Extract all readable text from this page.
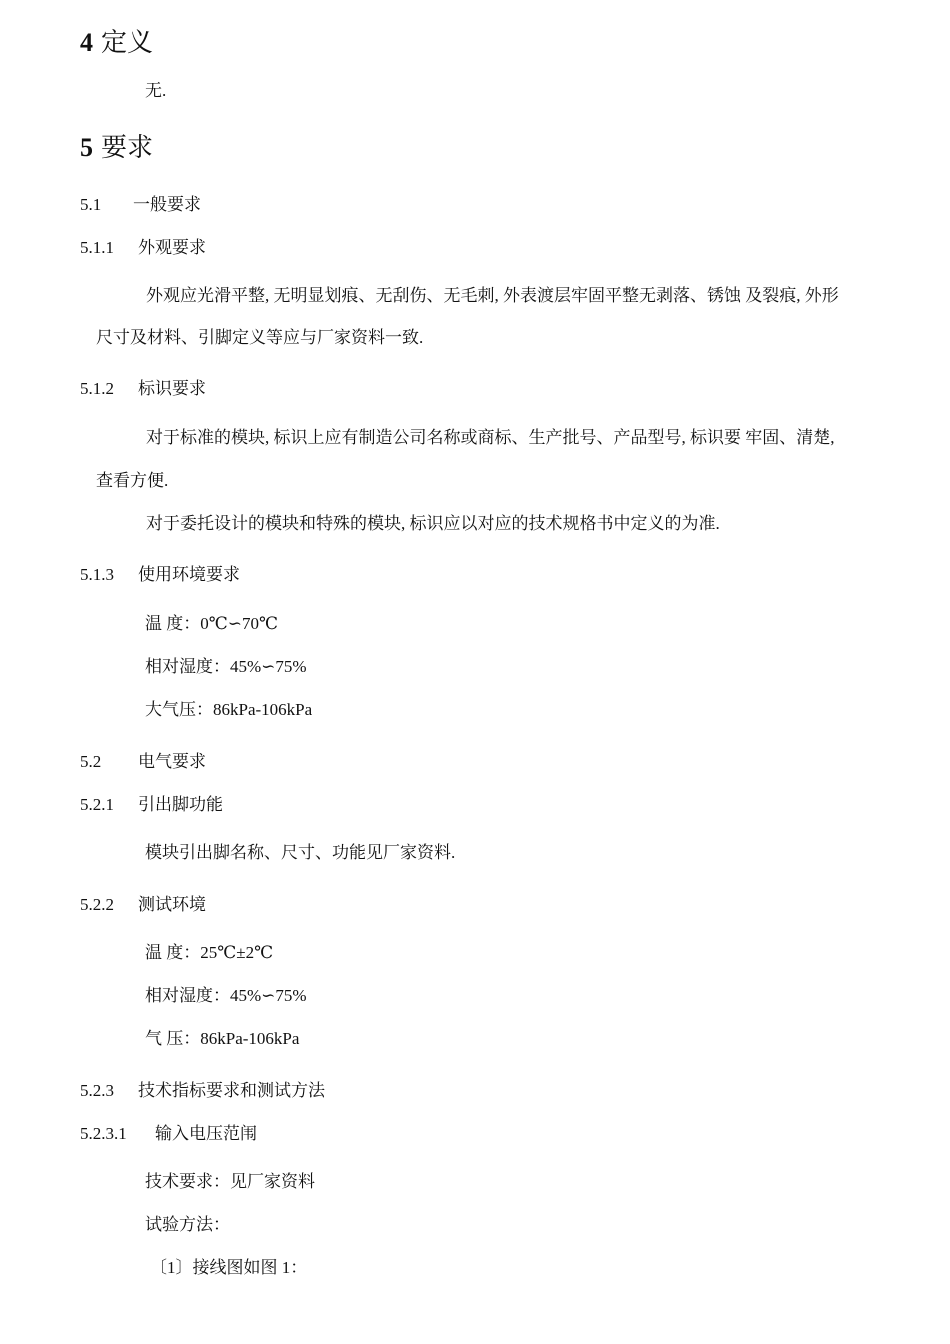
4 定义
无.
5 要求
5.1 一般要求
5.1.1 外观要求
外观应光滑平整, 无明显划痕、无刮伤、无毛刺, 外表渡层牢固平整无剥落、锈蚀 及裂痕, 外形
尺寸及材料、引脚定义等应与厂家资料一致.
5.1.2 标识要求
对于标准的模块, 标识上应有制造公司名称或商标、生产批号、产品型号, 标识要 牢固、清楚,
查看方便.
对于委托设计的模块和特殊的模块, 标识应以对应的技术规格书中定义的为准.
5.1.3 使用环境要求
温 度：0℃∽70℃
相对湿度：45%∽75%
大气压：86kPa-106kPa
5.2 电气要求
5.2.1 引出脚功能
模块引出脚名称、尺寸、功能见厂家资料.
5.2.2 测试环境
温 度：25℃±2℃
相对湿度：45%∽75%
气 压：86kPa-106kPa
5.2.3 技术指标要求和测试方法
5.2.3.1 输入电压范闱
技术要求：见厂家资料
试验方法：
〔1〕接线图如图 1：
